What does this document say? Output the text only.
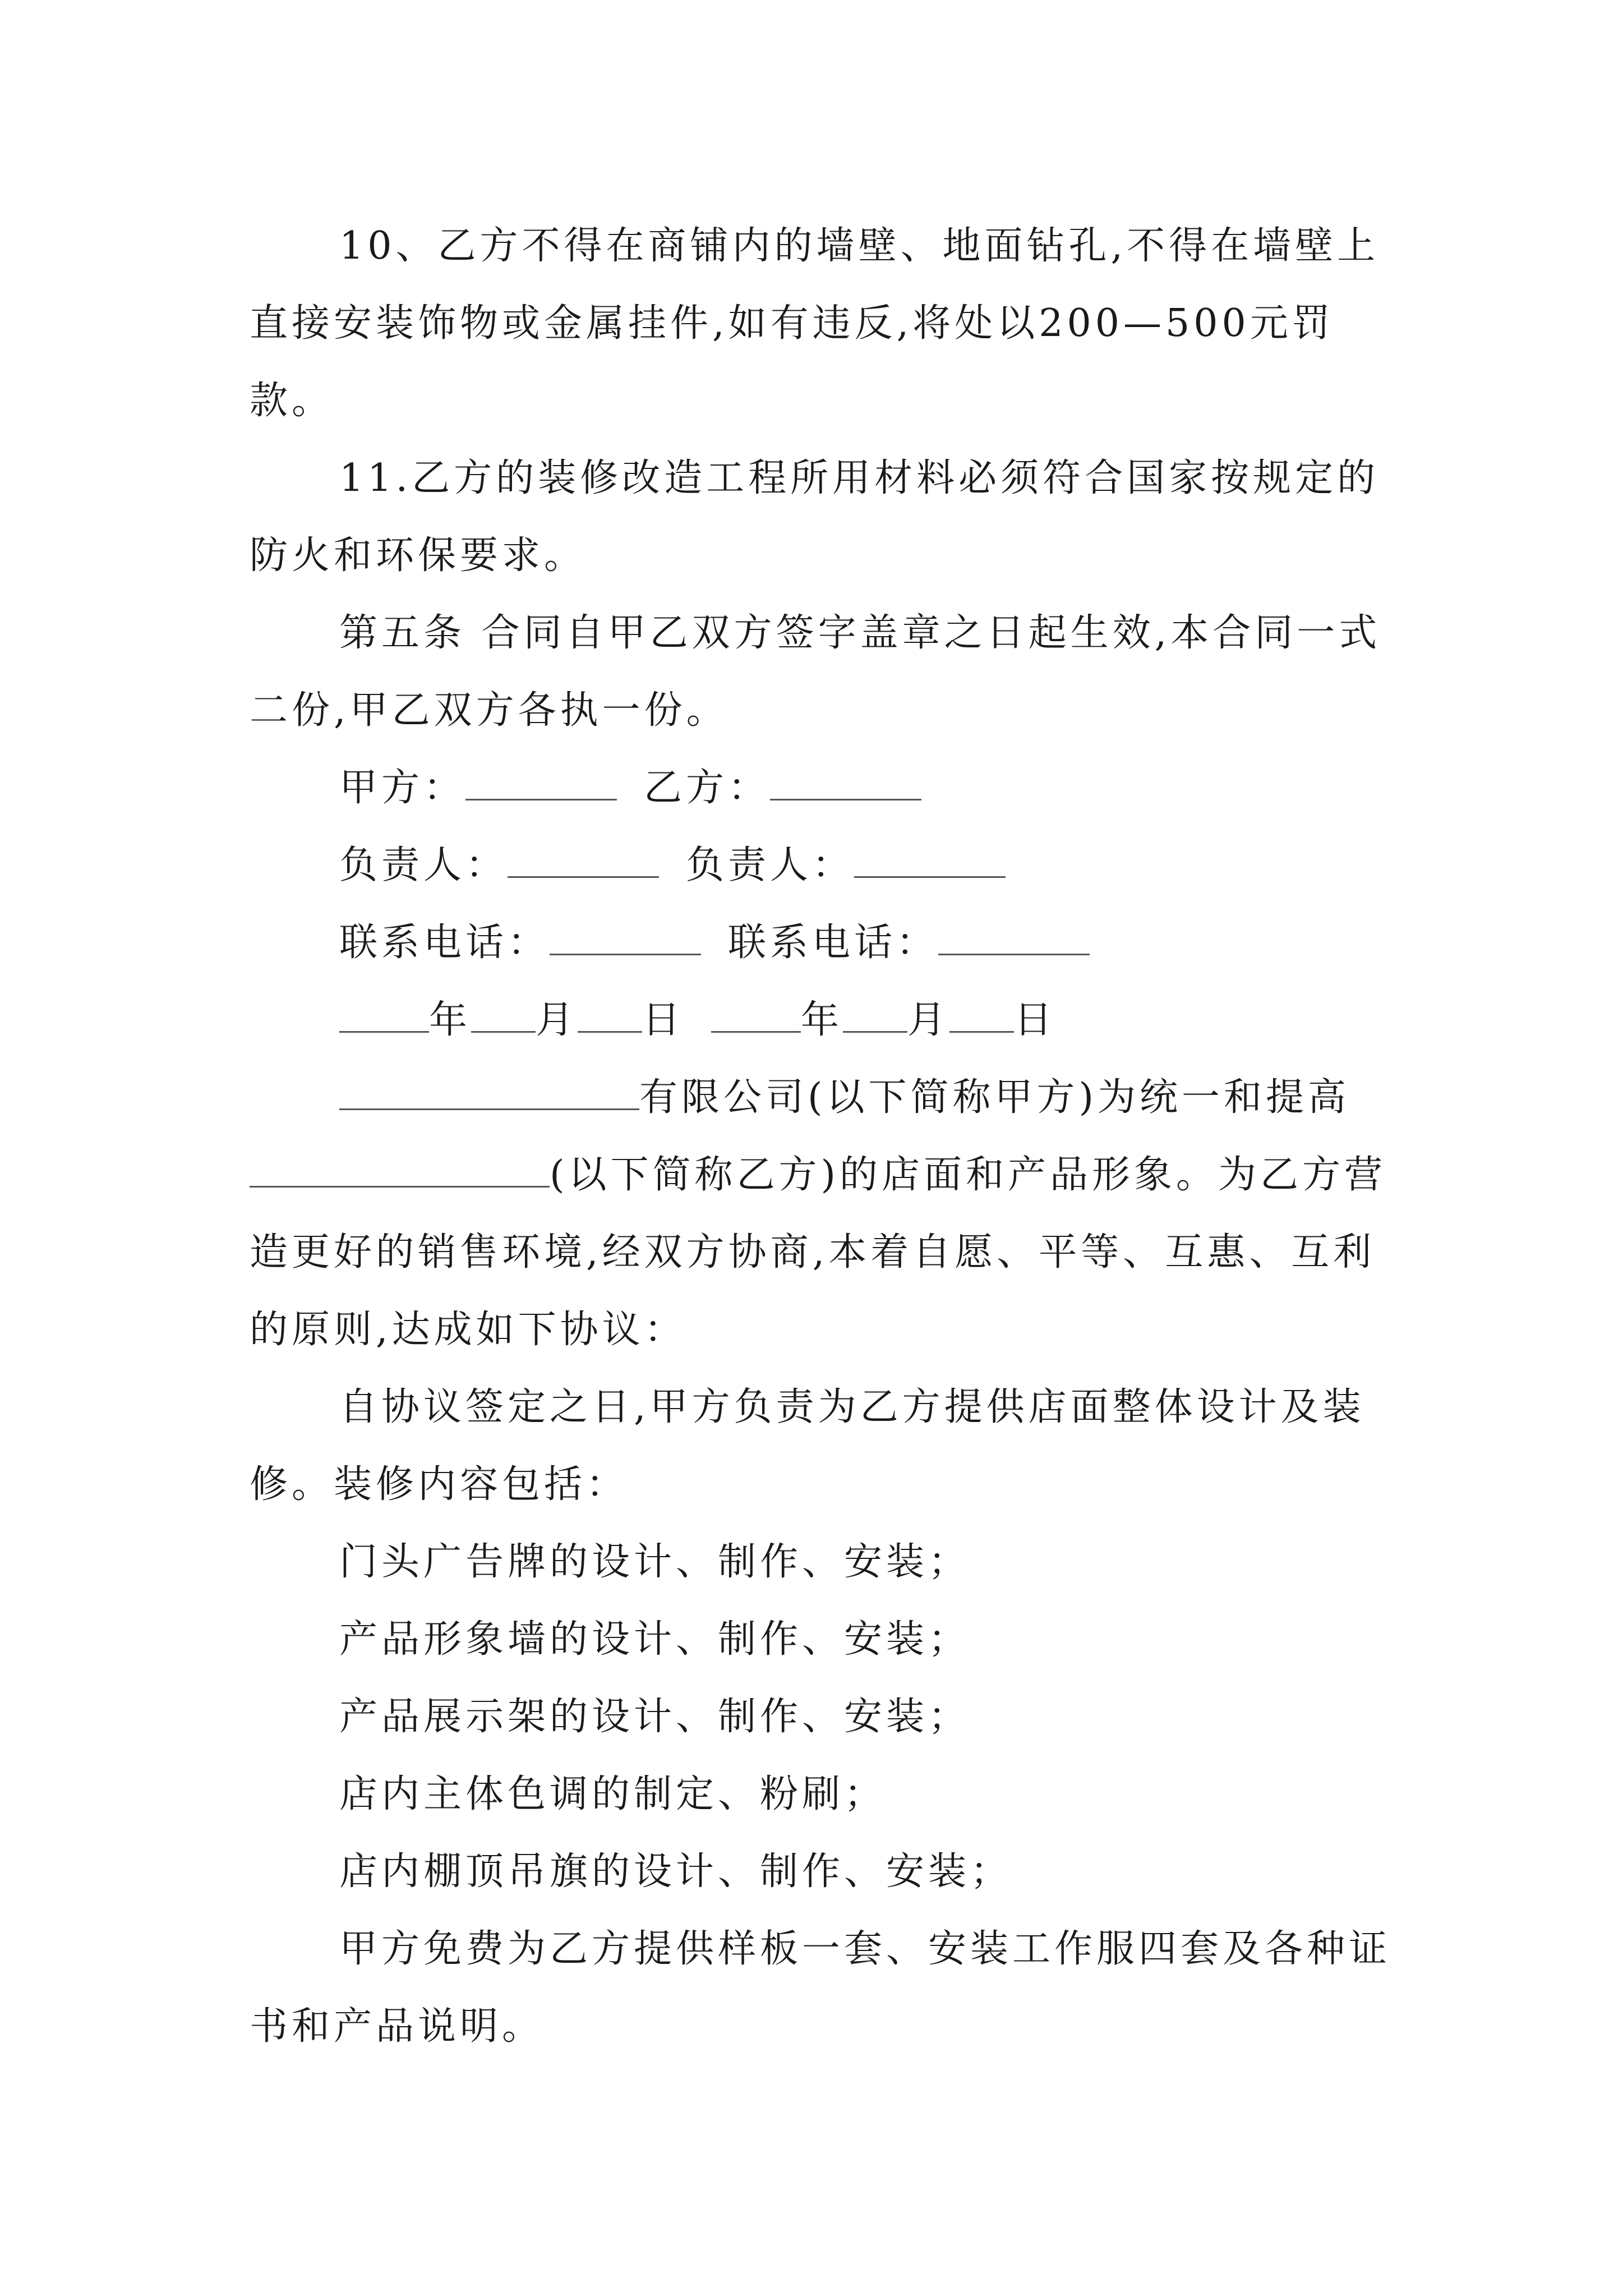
10、乙方不得在商铺内的墙壁、地面钻孔,不得在墙壁上直接安装饰物或金属挂件,如有违反,将处以200—500元罚款。

11.乙方的装修改造工程所用材料必须符合国家按规定的防火和环保要求。

第五条 合同自甲乙双方签字盖章之日起生效,本合同一式二份,甲乙双方各执一份。

甲方：	乙方：

负责人：	负责人：

联系电话：	联系电话：

年 月 日	年 月 日

有限公司(以下简称甲方)为统一和提高(以下简称乙方)的店面和产品形象。为乙方营造更好的销售环境,经双方协商,本着自愿、平等、互惠、互利的原则,达成如下协议：

自协议签定之日,甲方负责为乙方提供店面整体设计及装修。装修内容包括：

门头广告牌的设计、制作、安装；

产品形象墙的设计、制作、安装；

产品展示架的设计、制作、安装；

店内主体色调的制定、粉刷；

店内棚顶吊旗的设计、制作、安装；

甲方免费为乙方提供样板一套、安装工作服四套及各种证书和产品说明。
